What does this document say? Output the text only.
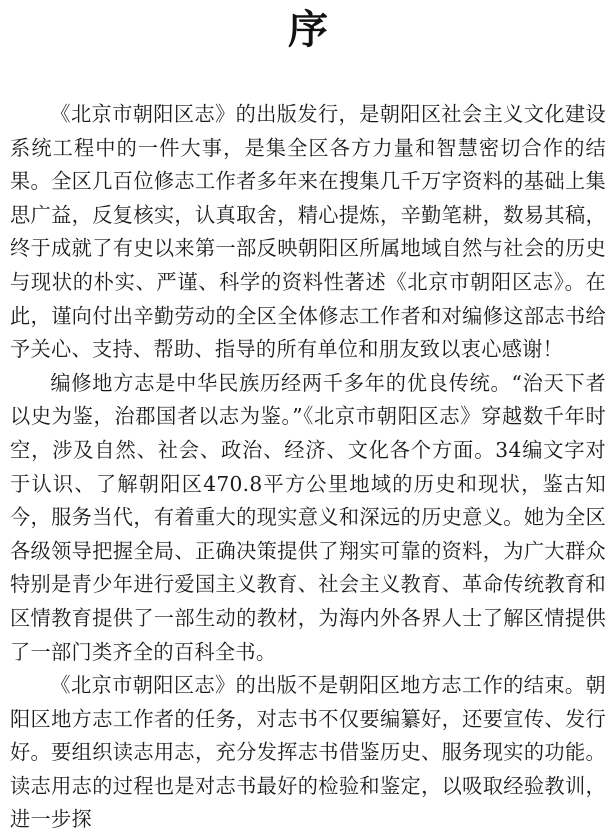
序

《北京市朝阳区志》的出版发行，是朝阳区社会主义文化建设系统工程中的一件大事，是集全区各方力量和智慧密切合作的结果。全区几百位修志工作者多年来在搜集几千万字资料的基础上集思广益，反复核实，认真取舍，精心提炼，辛勤笔耕，数易其稿，终于成就了有史以来第一部反映朝阳区所属地域自然与社会的历史与现状的朴实、严谨、科学的资料性著述《北京市朝阳区志》。在此，谨向付出辛勤劳动的全区全体修志工作者和对编修这部志书给予关心、支持、帮助、指导的所有单位和朋友致以衷心感谢！

编修地方志是中华民族历经两千多年的优良传统。“治天下者以史为鉴，治郡国者以志为鉴。”《北京市朝阳区志》穿越数千年时空，涉及自然、社会、政治、经济、文化各个方面。34编文字对于认识、了解朝阳区470.8平方公里地域的历史和现状，鉴古知今，服务当代，有着重大的现实意义和深远的历史意义。她为全区各级领导把握全局、正确决策提供了翔实可靠的资料，为广大群众特别是青少年进行爱国主义教育、社会主义教育、革命传统教育和区情教育提供了一部生动的教材，为海内外各界人士了解区情提供了一部门类齐全的百科全书。

《北京市朝阳区志》的出版不是朝阳区地方志工作的结束。朝阳区地方志工作者的任务，对志书不仅要编纂好，还要宣传、发行好。要组织读志用志，充分发挥志书借鉴历史、服务现实的功能。读志用志的过程也是对志书最好的检验和鉴定，以吸取经验教训，进一步探
